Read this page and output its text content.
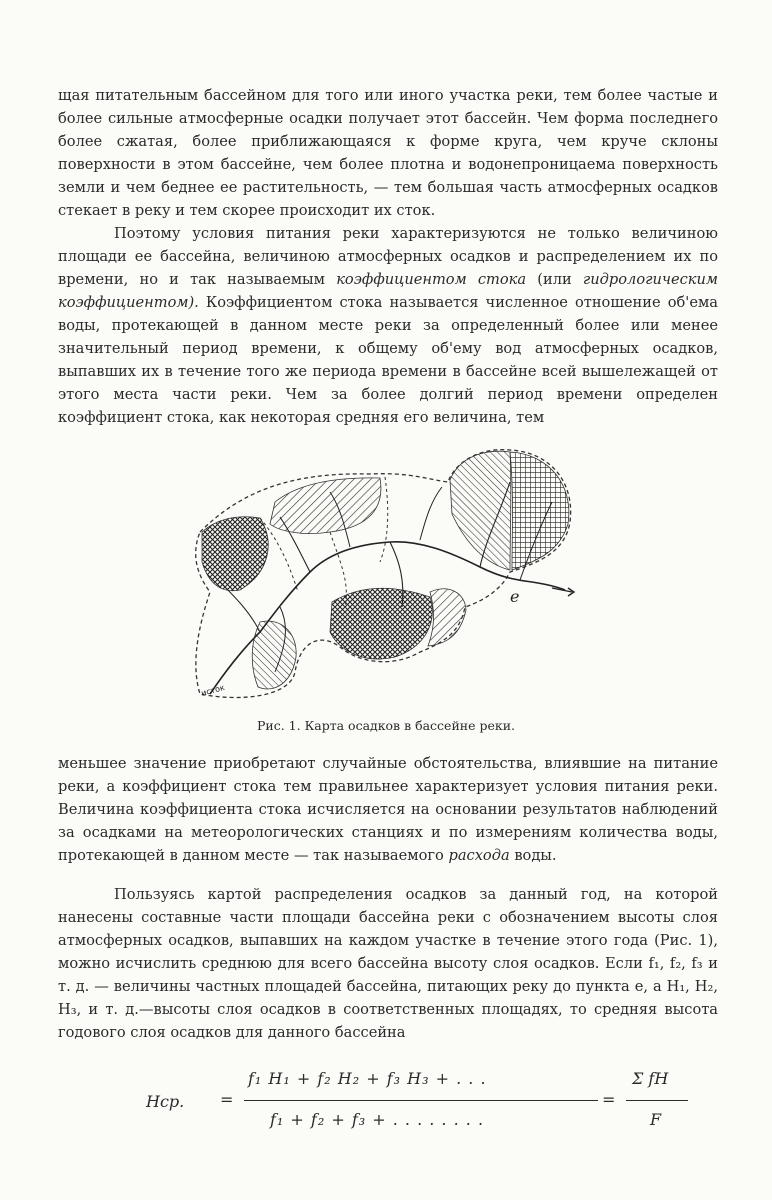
щая питательным бассейном для того или иного участка реки, тем более частые и более сильные атмосферные осадки получает этот бассейн. Чем форма последнего более сжатая, более приближающаяся к форме круга, чем круче склоны поверхности в этом бассейне, чем более плотна и водонепроницаема поверхность земли и чем беднее ее растительность, — тем большая часть атмосферных осадков стекает в реку и тем скорее происходит их сток.

Поэтому условия питания реки характеризуются не только величиною площади ее бассейна, величиною атмосферных осадков и распределением их по времени, но и так называемым коэффициентом стока (или гидрологическим коэффициентом). Коэффициентом стока называется численное отношение об'ема воды, протекающей в данном месте реки за определенный более или менее значительный период времени, к общему об'ему вод атмосферных осадков, выпавших их в течение того же периода времени в бассейне всей вышележащей от этого места части реки. Чем за более долгий период времени определен коэффициент стока, как некоторая средняя его величина, тем

е
исток
Рис. 1. Карта осадков в бассейне реки.

меньшее значение приобретают случайные обстоятельства, влиявшие на питание реки, а коэффициент стока тем правильнее характеризует условия питания реки. Величина коэффициента стока исчисляется на основании результатов наблюдений за осадками на метеорологических станциях и по измерениям количества воды, протекающей в данном месте — так называемого расхода воды.

Пользуясь картой распределения осадков за данный год, на которой нанесены составные части площади бассейна реки с обозначением высоты слоя атмосферных осадков, выпавших на каждом участке в течение этого года (Рис. 1), можно исчислить среднюю для всего бассейна высоту слоя осадков. Если f₁, f₂, f₃ и т. д. — величины частных площадей бассейна, питающих реку до пункта е, а H₁, H₂, H₃, и т. д.—высоты слоя осадков в соответственных площадях, то средняя высота годового слоя осадков для данного бассейна

Hср. =
f₁ H₁ + f₂ H₂ + f₃ H₃ + . . .
f₁ + f₂ + f₃ + . . . . . . . .
=
Σ fH
F
